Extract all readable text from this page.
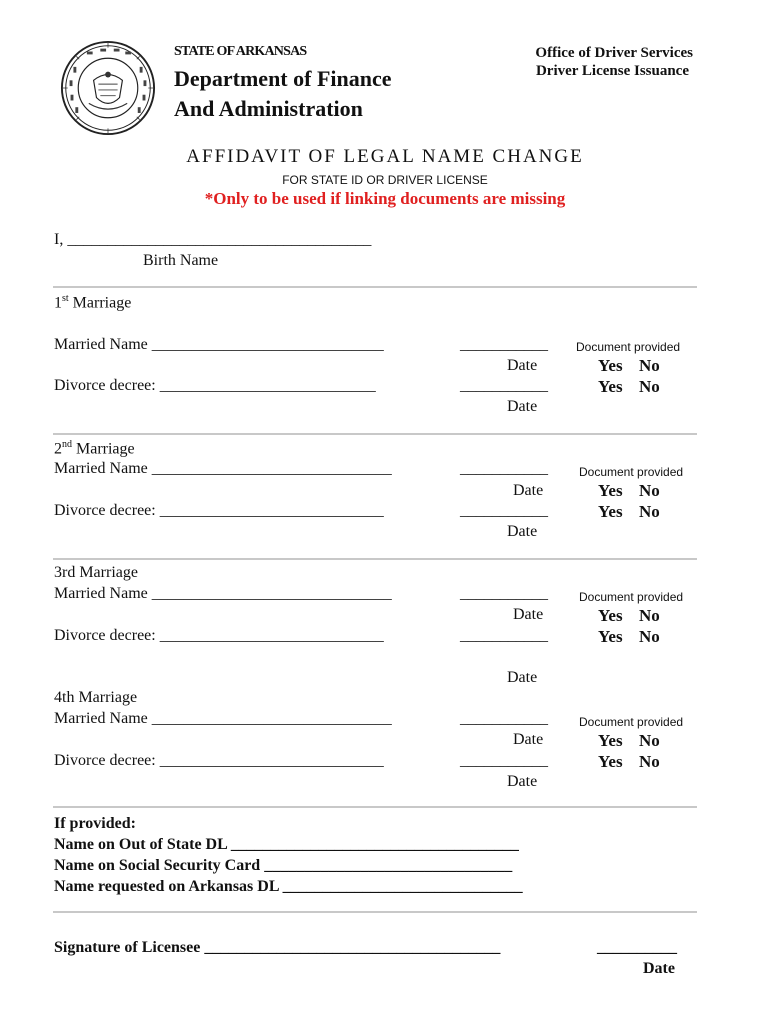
STATE OF ARKANSAS
Department of Finance
And Administration
Office of Driver Services
Driver License Issuance
AFFIDAVIT OF LEGAL NAME CHANGE
FOR STATE ID OR DRIVER LICENSE
*Only to be used if linking documents are missing
I, ______________________________________
Birth Name
1st Marriage
Married Name _____________________________	___________ Document provided
Date	Yes No
Divorce decree: ___________________________	___________	Yes No
Date
2nd Marriage
Married Name ______________________________	___________	Document provided
Date	Yes No
Divorce decree: ____________________________	___________	Yes No
Date
3rd Marriage
Married Name ______________________________	___________	Document provided
Date	Yes No
Divorce decree: ____________________________	___________	Yes No
Date
4th Marriage
Married Name ______________________________	___________	Document provided
Date	Yes No
Divorce decree: ____________________________	___________	Yes No
Date
If provided:
Name on Out of State DL ____________________________________
Name on Social Security Card _______________________________
Name requested on Arkansas DL ______________________________
Signature of Licensee _____________________________________	__________
Date
